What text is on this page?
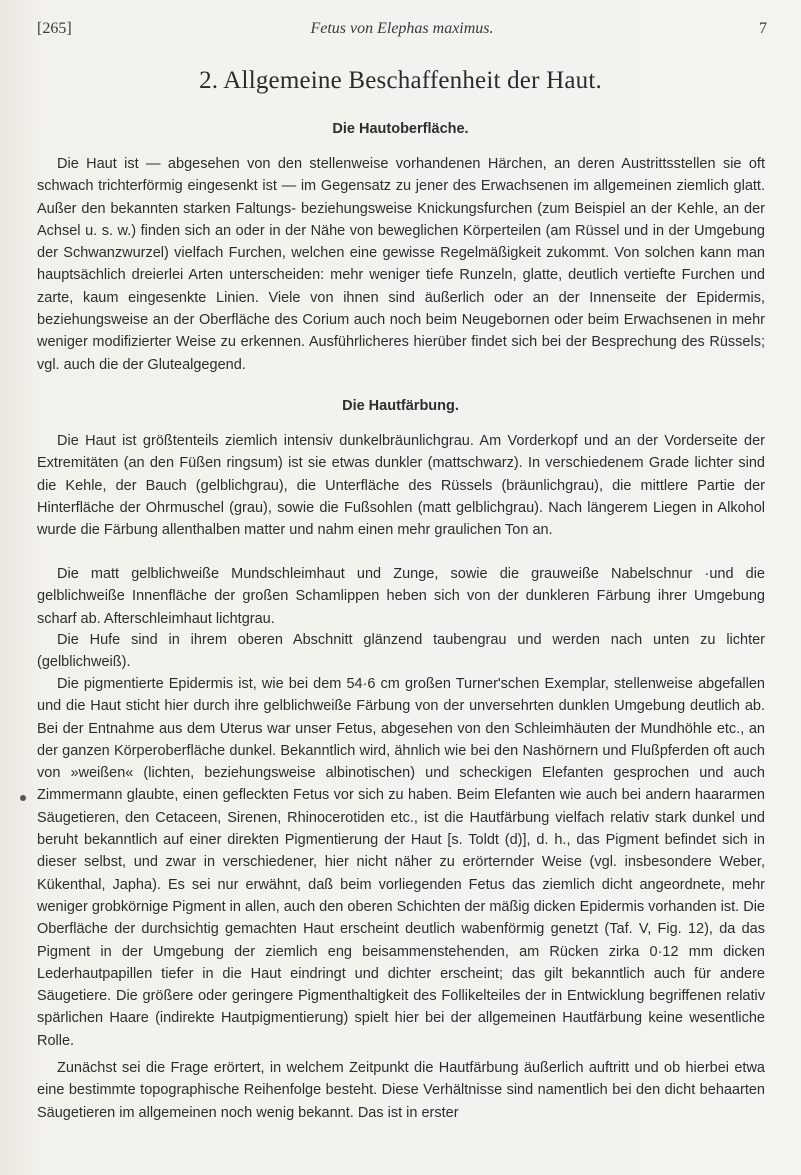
[265]	Fetus von Elephas maximus.	7
2. Allgemeine Beschaffenheit der Haut.
Die Hautoberfläche.

Die Haut ist — abgesehen von den stellenweise vorhandenen Härchen, an deren Austrittsstellen sie oft schwach trichterförmig eingesenkt ist — im Gegensatz zu jener des Erwachsenen im allgemeinen ziemlich glatt. Außer den bekannten starken Faltungs- beziehungsweise Knickungsfurchen (zum Beispiel an der Kehle, an der Achsel u. s. w.) finden sich an oder in der Nähe von beweglichen Körperteilen (am Rüssel und in der Umgebung der Schwanzwurzel) vielfach Furchen, welchen eine gewisse Regelmäßigkeit zukommt. Von solchen kann man hauptsächlich dreierlei Arten unterscheiden: mehr weniger tiefe Runzeln, glatte, deutlich vertiefte Furchen und zarte, kaum eingesenkte Linien. Viele von ihnen sind äußerlich oder an der Innenseite der Epidermis, beziehungsweise an der Oberfläche des Corium auch noch beim Neugebornen oder beim Erwachsenen in mehr weniger modifizierter Weise zu erkennen. Ausführlicheres hierüber findet sich bei der Besprechung des Rüssels; vgl. auch die der Glutealgegend.

Die Hautfärbung.

Die Haut ist größtenteils ziemlich intensiv dunkelbräunlichgrau. Am Vorderkopf und an der Vorderseite der Extremitäten (an den Füßen ringsum) ist sie etwas dunkler (mattschwarz). In verschiedenem Grade lichter sind die Kehle, der Bauch (gelblichgrau), die Unterfläche des Rüssels (bräunlichgrau), die mittlere Partie der Hinterfläche der Ohrmuschel (grau), sowie die Fußsohlen (matt gelblichgrau). Nach längerem Liegen in Alkohol wurde die Färbung allenthalben matter und nahm einen mehr graulichen Ton an.

Die matt gelblichweiße Mundschleimhaut und Zunge, sowie die grauweiße Nabelschnur ·und die gelblichweiße Innenfläche der großen Schamlippen heben sich von der dunkleren Färbung ihrer Umgebung scharf ab. Afterschleimhaut lichtgrau.

Die Hufe sind in ihrem oberen Abschnitt glänzend taubengrau und werden nach unten zu lichter (gelblichweiß).

Die pigmentierte Epidermis ist, wie bei dem 54·6 cm großen Turner'schen Exemplar, stellenweise abgefallen und die Haut sticht hier durch ihre gelblichweiße Färbung von der unversehrten dunklen Umgebung deutlich ab. Bei der Entnahme aus dem Uterus war unser Fetus, abgesehen von den Schleimhäuten der Mundhöhle etc., an der ganzen Körperoberfläche dunkel. Bekanntlich wird, ähnlich wie bei den Nashörnern und Flußpferden oft auch von »weißen« (lichten, beziehungsweise albinotischen) und scheckigen Elefanten gesprochen und auch Zimmermann glaubte, einen gefleckten Fetus vor sich zu haben. Beim Elefanten wie auch bei andern haararmen Säugetieren, den Cetaceen, Sirenen, Rhinocerotiden etc., ist die Hautfärbung vielfach relativ stark dunkel und beruht bekanntlich auf einer direkten Pigmentierung der Haut [s. Toldt (d)], d. h., das Pigment befindet sich in dieser selbst, und zwar in verschiedener, hier nicht näher zu erörternder Weise (vgl. insbesondere Weber, Kükenthal, Japha). Es sei nur erwähnt, daß beim vorliegenden Fetus das ziemlich dicht angeordnete, mehr weniger grobkörnige Pigment in allen, auch den oberen Schichten der mäßig dicken Epidermis vorhanden ist. Die Oberfläche der durchsichtig gemachten Haut erscheint deutlich wabenförmig genetzt (Taf. V, Fig. 12), da das Pigment in der Umgebung der ziemlich eng beisammenstehenden, am Rücken zirka 0·12 mm dicken Lederhautpapillen tiefer in die Haut eindringt und dichter erscheint; das gilt bekanntlich auch für andere Säugetiere. Die größere oder geringere Pigmenthaltigkeit des Follikelteiles der in Entwicklung begriffenen relativ spärlichen Haare (indirekte Hautpigmentierung) spielt hier bei der allgemeinen Hautfärbung keine wesentliche Rolle.

Zunächst sei die Frage erörtert, in welchem Zeitpunkt die Hautfärbung äußerlich auftritt und ob hierbei etwa eine bestimmte topographische Reihenfolge besteht. Diese Verhältnisse sind namentlich bei den dicht behaarten Säugetieren im allgemeinen noch wenig bekannt. Das ist in erster
